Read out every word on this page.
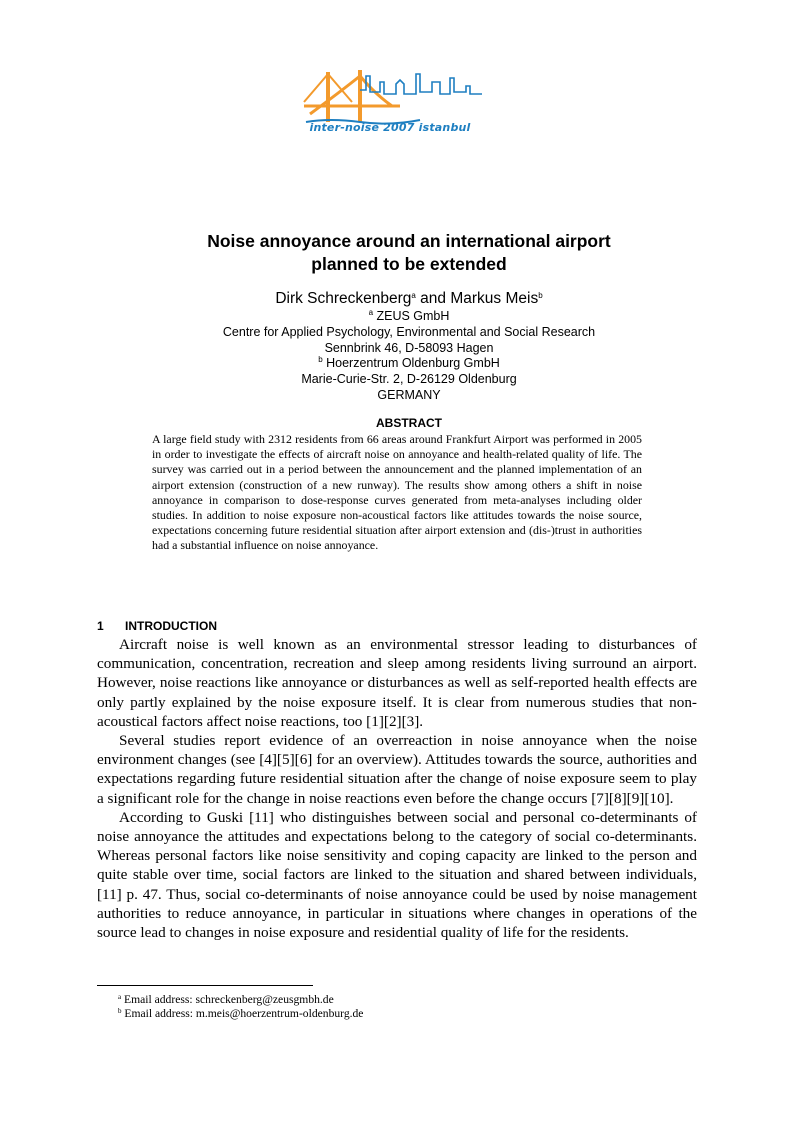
inter-noise 2007 istanbul
Noise annoyance around an international airport
planned to be extended
Dirk Schreckenberg$^a$ and Markus Meis$^b$
$^a$ ZEUS GmbH
Centre for Applied Psychology, Environmental and Social Research
Sennbrink 46, D-58093 Hagen
$^b$ Hoerzentrum Oldenburg GmbH
Marie-Curie-Str. 2, D-26129 Oldenburg
GERMANY
ABSTRACT
A large field study with 2312 residents from 66 areas around Frankfurt Airport was performed in 2005 in order to investigate the effects of aircraft noise on annoyance and health-related quality of life. The survey was carried out in a period between the announcement and the planned implementation of an airport extension (construction of a new runway). The results show among others a shift in noise annoyance in comparison to dose-response curves generated from meta-analyses including older studies. In addition to noise exposure non-acoustical factors like attitudes towards the noise source, expectations concerning future residential situation after airport extension and (dis-)trust in authorities had a substantial influence on noise annoyance.
1 INTRODUCTION

Aircraft noise is well known as an environmental stressor leading to disturbances of communication, concentration, recreation and sleep among residents living surround an airport. However, noise reactions like annoyance or disturbances as well as self-reported health effects are only partly explained by the noise exposure itself. It is clear from numerous studies that non-acoustical factors affect noise reactions, too [1][2][3].

Several studies report evidence of an overreaction in noise annoyance when the noise environment changes (see [4][5][6] for an overview). Attitudes towards the source, authorities and expectations regarding future residential situation after the change of noise exposure seem to play a significant role for the change in noise reactions even before the change occurs [7][8][9][10].

According to Guski [11] who distinguishes between social and personal co-determinants of noise annoyance the attitudes and expectations belong to the category of social co-determinants. Whereas personal factors like noise sensitivity and coping capacity are linked to the person and quite stable over time, social factors are linked to the situation and shared between individuals, [11] p. 47. Thus, social co-determinants of noise annoyance could be used by noise management authorities to reduce annoyance, in particular in situations where changes in operations of the source lead to changes in noise exposure and residential quality of life for the residents.

$^a$ Email address: schreckenberg@zeusgmbh.de
$^b$ Email address: m.meis@hoerzentrum-oldenburg.de
